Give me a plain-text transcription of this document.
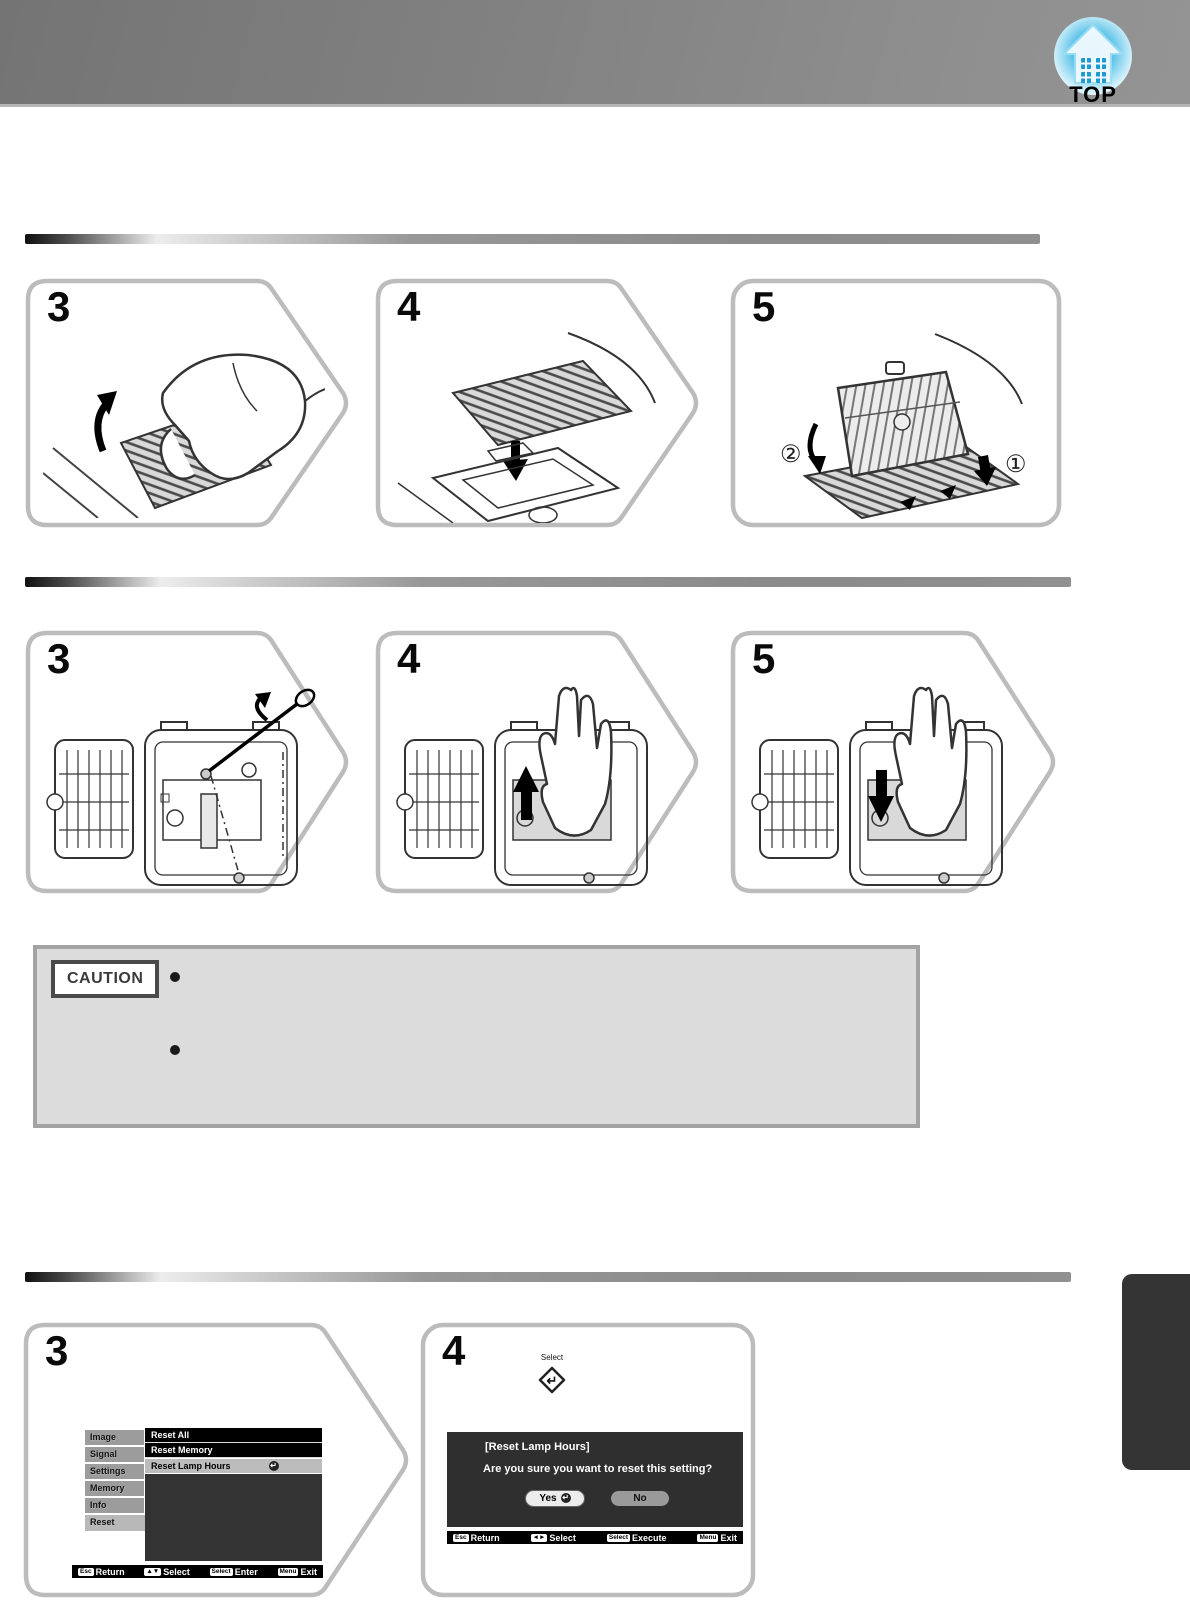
TOP
3	4	5
②	①
3	4	5
CAUTION
3
Image
Signal
Settings
Memory
Info
Reset
Reset All
Reset Memory
Reset Lamp Hours	↵
Esc Return	▲▼ Select	Select Enter	Menu Exit
4	Select
↵
[Reset Lamp Hours]
Are you sure you want to reset this setting?
Yes ↵	No
Esc Return	◄► Select	Select Execute	Menu Exit
